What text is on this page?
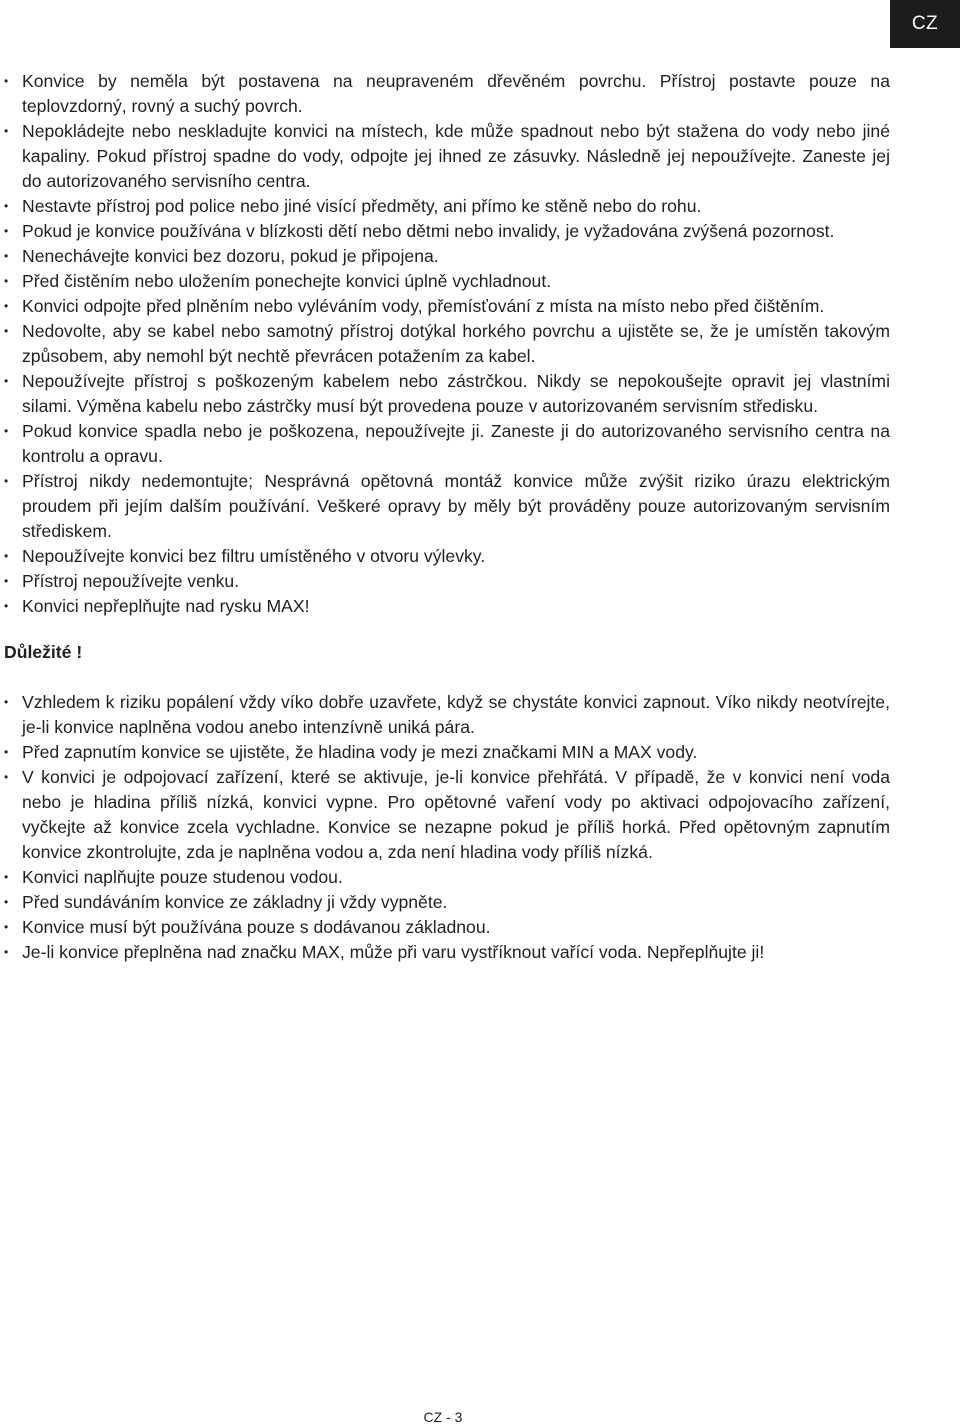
CZ
• Konvice by neměla být postavena na neupraveném dřevěném povrchu. Přístroj postavte pouze na teplovzdorný, rovný a suchý povrch.
• Nepokládejte nebo neskladujte konvici na místech, kde může spadnout nebo být stažena do vody nebo jiné kapaliny. Pokud přístroj spadne do vody, odpojte jej ihned ze zásuvky. Následně jej nepoužívejte. Zaneste jej do autorizovaného servisního centra.
• Nestavte přístroj pod police nebo jiné visící předměty, ani přímo ke stěně nebo do rohu.
• Pokud je konvice používána v blízkosti dětí nebo dětmi nebo invalidy, je vyžadována zvýšená pozornost.
• Nenechávejte konvici bez dozoru, pokud je připojena.
• Před čistěním nebo uložením ponechejte konvici úplně vychladnout.
• Konvici odpojte před plněním nebo vyléváním vody, přemísťování z místa na místo nebo před čištěním.
• Nedovolte, aby se kabel nebo samotný přístroj dotýkal horkého povrchu a ujistěte se, že je umístěn takovým způsobem, aby nemohl být nechtě převrácen potažením za kabel.
• Nepoužívejte přístroj s poškozeným kabelem nebo zástrčkou. Nikdy se nepokoušejte opravit jej vlastními silami. Výměna kabelu nebo zástrčky musí být provedena pouze v autorizovaném servisním středisku.
• Pokud konvice spadla nebo je poškozena, nepoužívejte ji. Zaneste ji do autorizovaného servisního centra na kontrolu a opravu.
• Přístroj nikdy nedemontujte; Nesprávná opětovná montáž konvice může zvýšit riziko úrazu elektrickým proudem při jejím dalším používání. Veškeré opravy by měly být prováděny pouze autorizovaným servisním střediskem.
• Nepoužívejte konvici bez filtru umístěného v otvoru výlevky.
• Přístroj nepoužívejte venku.
• Konvici nepřeplňujte nad rysku MAX!
Důležité !
• Vzhledem k riziku popálení vždy víko dobře uzavřete, když se chystáte konvici zapnout. Víko nikdy neotvírejte, je-li konvice naplněna vodou anebo intenzívně uniká pára.
• Před zapnutím konvice se ujistěte, že hladina vody je mezi značkami MIN a MAX vody.
• V konvici je odpojovací zařízení, které se aktivuje, je-li konvice přehřátá. V případě, že v konvici není voda nebo je hladina příliš nízká, konvici vypne. Pro opětovné vaření vody po aktivaci odpojovacího zařízení, vyčkejte až konvice zcela vychladne. Konvice se nezapne pokud je příliš horká. Před opětovným zapnutím konvice zkontrolujte, zda je naplněna vodou a, zda není hladina vody příliš nízká.
• Konvici naplňujte pouze studenou vodou.
• Před sundáváním konvice ze základny ji vždy vypněte.
• Konvice musí být používána pouze s dodávanou základnou.
• Je-li konvice přeplněna nad značku MAX, může při varu vystříknout vařící voda. Nepřeplňujte ji!
CZ - 3
